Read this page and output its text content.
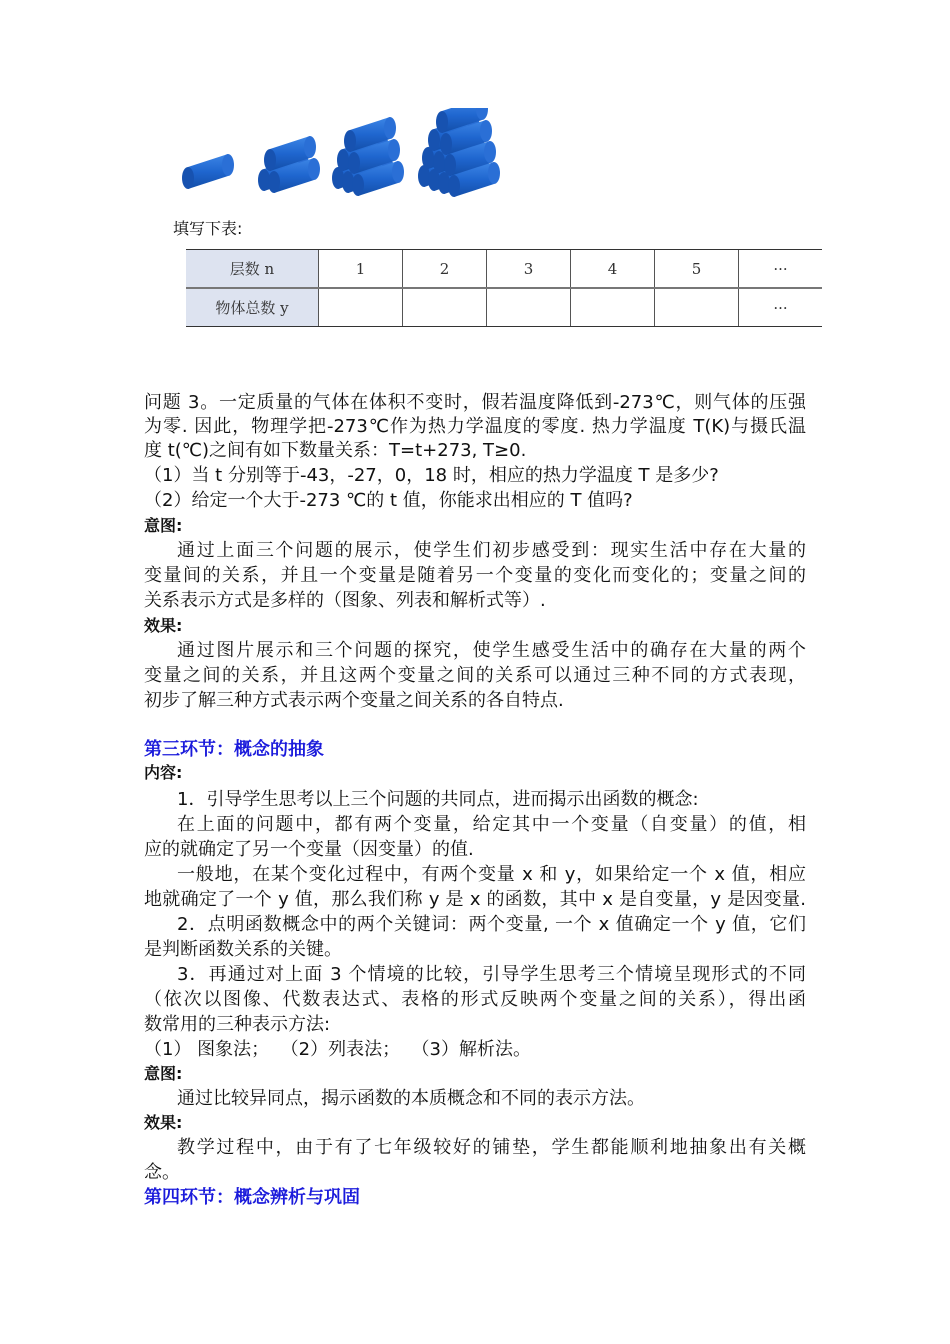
填写下表:
层数 n	1	2	3	4	5	···
物体总数 y						···
问题 3。一定质量的气体在体积不变时，假若温度降低到-273℃，则气体的压强
为零. 因此，物理学把-273℃作为热力学温度的零度. 热力学温度 T(K)与摄氏温
度 t(℃)之间有如下数量关系：T=t+273, T≥0.
（1）当 t 分别等于-43，-27，0，18 时，相应的热力学温度 T 是多少?
（2）给定一个大于-273 ℃的 t 值，你能求出相应的 T 值吗?
意图:
通过上面三个问题的展示，使学生们初步感受到：现实生活中存在大量的
变量间的关系，并且一个变量是随着另一个变量的变化而变化的；变量之间的
关系表示方式是多样的（图象、列表和解析式等）.
效果:
通过图片展示和三个问题的探究，使学生感受生活中的确存在大量的两个
变量之间的关系，并且这两个变量之间的关系可以通过三种不同的方式表现，
初步了解三种方式表示两个变量之间关系的各自特点.
第三环节：概念的抽象
内容:
1．引导学生思考以上三个问题的共同点，进而揭示出函数的概念:
在上面的问题中，都有两个变量，给定其中一个变量（自变量）的值，相
应的就确定了另一个变量（因变量）的值.
一般地，在某个变化过程中，有两个变量 x 和 y，如果给定一个 x 值，相应
地就确定了一个 y 值，那么我们称 y 是 x 的函数，其中 x 是自变量，y 是因变量.
2．点明函数概念中的两个关键词：两个变量, 一个 x 值确定一个 y 值，它们
是判断函数关系的关键。
3．再通过对上面 3 个情境的比较，引导学生思考三个情境呈现形式的不同
（依次以图像、代数表达式、表格的形式反映两个变量之间的关系），得出函
数常用的三种表示方法:
（1） 图象法；  （2）列表法；  （3）解析法。
意图:
通过比较异同点，揭示函数的本质概念和不同的表示方法。
效果:
教学过程中，由于有了七年级较好的铺垫，学生都能顺利地抽象出有关概
念。
第四环节：概念辨析与巩固
